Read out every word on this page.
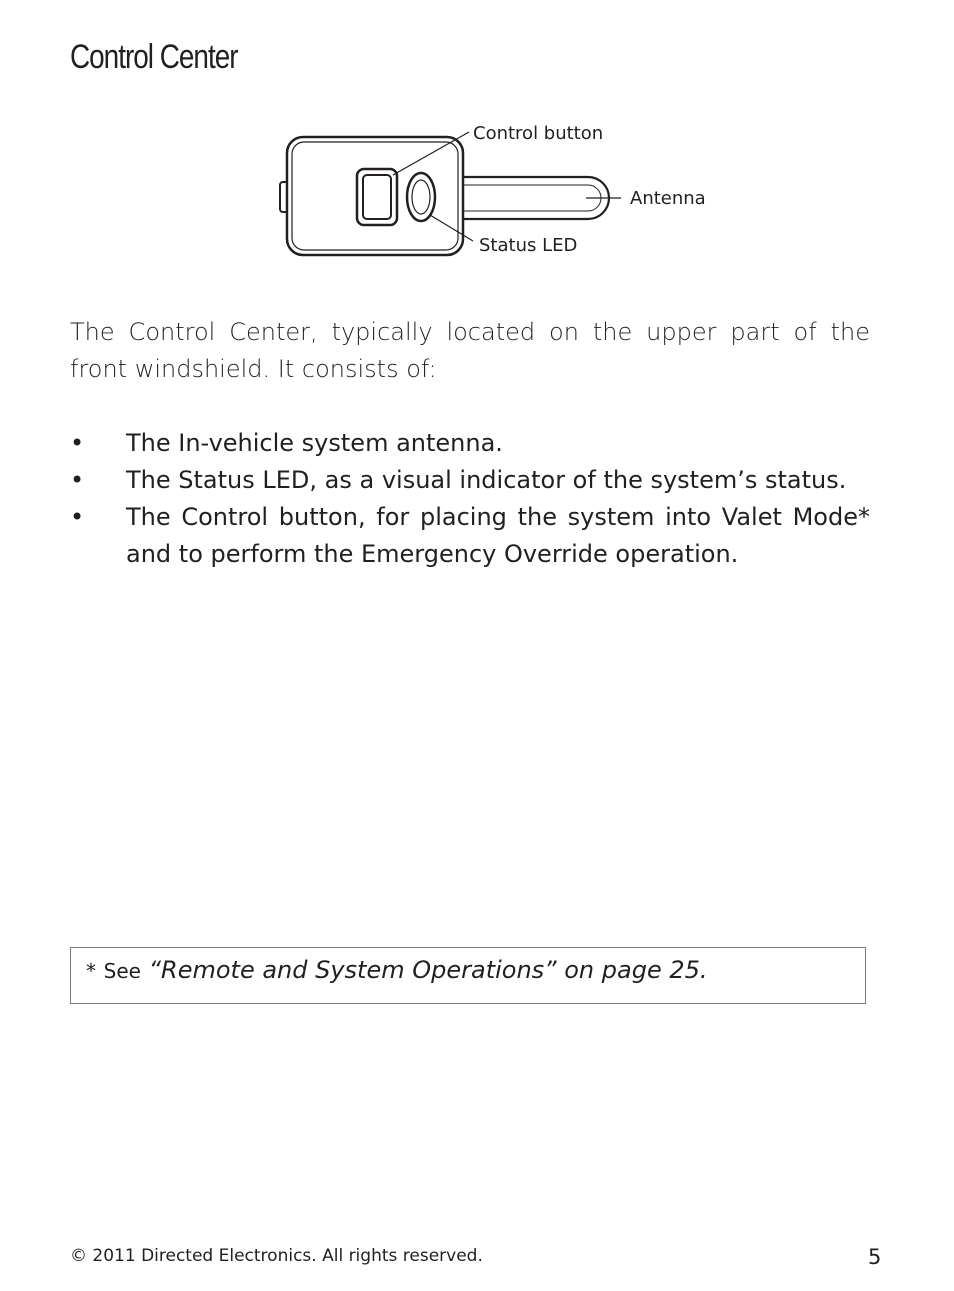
Control Center
Control button
Antenna
Status LED

The Control Center, typically located on the upper part of the front windshield. It consists of:

• The In-vehicle system antenna.
• The Status LED, as a visual indicator of the system’s status.
• The Control button, for placing the system into Valet Mode* and to perform the Emergency Override operation.
* See “Remote and System Operations” on page 25.
© 2011 Directed Electronics. All rights reserved.	5
